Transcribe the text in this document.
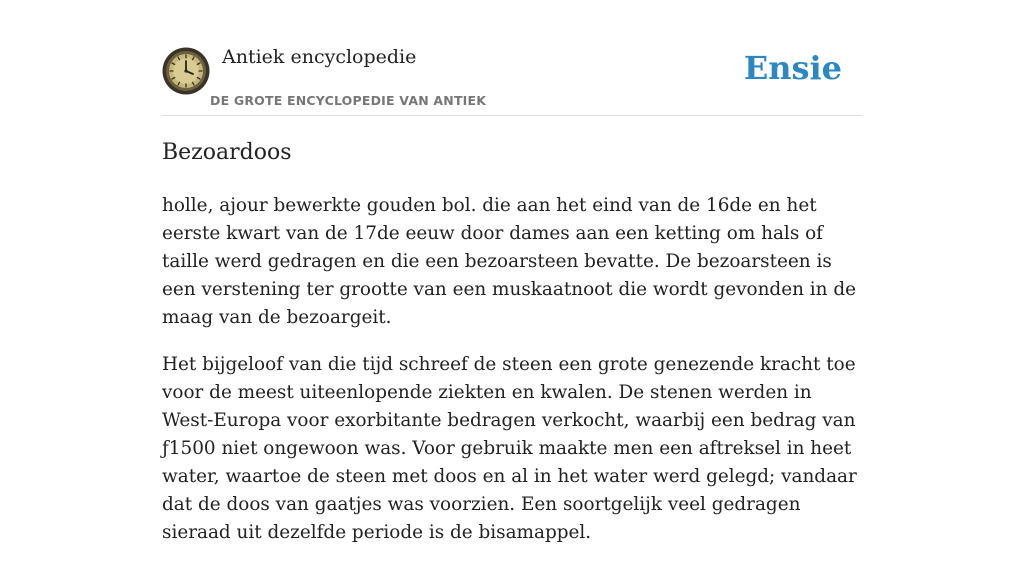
Antiek encyclopedie
DE GROTE ENCYCLOPEDIE VAN ANTIEK
Ensie
Bezoardoos

holle, ajour bewerkte gouden bol. die aan het eind van de 16de en het eerste kwart van de 17de eeuw door dames aan een ketting om hals of taille werd gedragen en die een bezoarsteen bevatte. De bezoarsteen is een verstening ter grootte van een muskaatnoot die wordt gevonden in de maag van de bezoargeit.

Het bijgeloof van die tijd schreef de steen een grote genezende kracht toe voor de meest uiteenlopende ziekten en kwalen. De stenen werden in West-Europa voor exorbitante bedragen verkocht, waarbij een bedrag van ƒ1500 niet ongewoon was. Voor gebruik maakte men een aftreksel in heet water, waartoe de steen met doos en al in het water werd gelegd; vandaar dat de doos van gaatjes was voorzien. Een soortgelijk veel gedragen sieraad uit dezelfde periode is de bisamappel.
